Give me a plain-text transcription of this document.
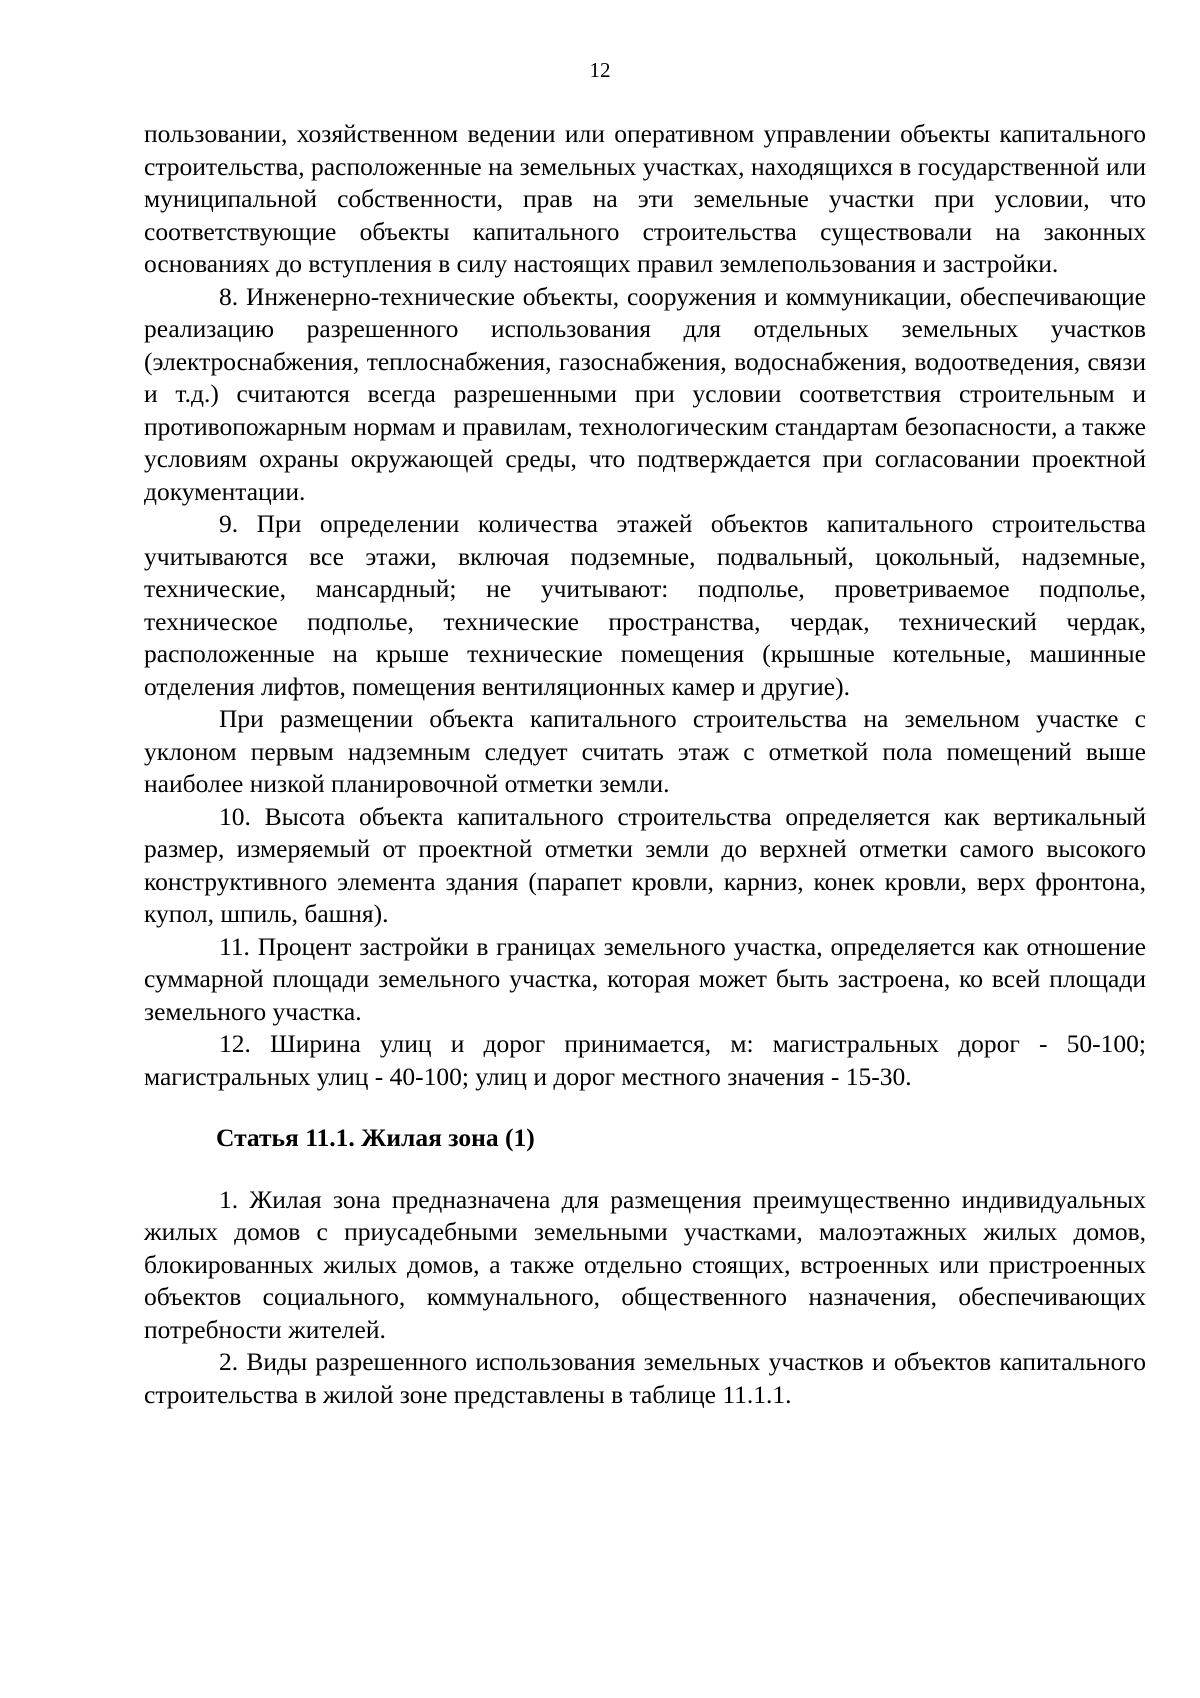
12

пользовании, хозяйственном ведении или оперативном управлении объекты капитального строительства, расположенные на земельных участках, находящихся в государственной или муниципальной собственности, прав на эти земельные участки при условии, что соответствующие объекты капитального строительства существовали на законных основаниях до вступления в силу настоящих правил землепользования и застройки.

8. Инженерно-технические объекты, сооружения и коммуникации, обеспечивающие реализацию разрешенного использования для отдельных земельных участков (электроснабжения, теплоснабжения, газоснабжения, водоснабжения, водоотведения, связи и т.д.) считаются всегда разрешенными при условии соответствия строительным и противопожарным нормам и правилам, технологическим стандартам безопасности, а также условиям охраны окружающей среды, что подтверждается при согласовании проектной документации.

9. При определении количества этажей объектов капитального строительства учитываются все этажи, включая подземные, подвальный, цокольный, надземные, технические, мансардный; не учитывают: подполье, проветриваемое подполье, техническое подполье, технические пространства, чердак, технический чердак, расположенные на крыше технические помещения (крышные котельные, машинные отделения лифтов, помещения вентиляционных камер и другие).

При размещении объекта капитального строительства на земельном участке с уклоном первым надземным следует считать этаж с отметкой пола помещений выше наиболее низкой планировочной отметки земли.

10. Высота объекта капитального строительства определяется как вертикальный размер, измеряемый от проектной отметки земли до верхней отметки самого высокого конструктивного элемента здания (парапет кровли, карниз, конек кровли, верх фронтона, купол, шпиль, башня).

11. Процент застройки в границах земельного участка, определяется как отношение суммарной площади земельного участка, которая может быть застроена, ко всей площади земельного участка.

12. Ширина улиц и дорог принимается, м: магистральных дорог - 50-100; магистральных улиц - 40-100; улиц и дорог местного значения - 15-30.

Статья 11.1. Жилая зона (1)

1. Жилая зона предназначена для размещения преимущественно индивидуальных жилых домов с приусадебными земельными участками, малоэтажных жилых домов, блокированных жилых домов, а также отдельно стоящих, встроенных или пристроенных объектов социального, коммунального, общественного назначения, обеспечивающих потребности жителей.

2. Виды разрешенного использования земельных участков и объектов капитального строительства в жилой зоне представлены в таблице 11.1.1.
